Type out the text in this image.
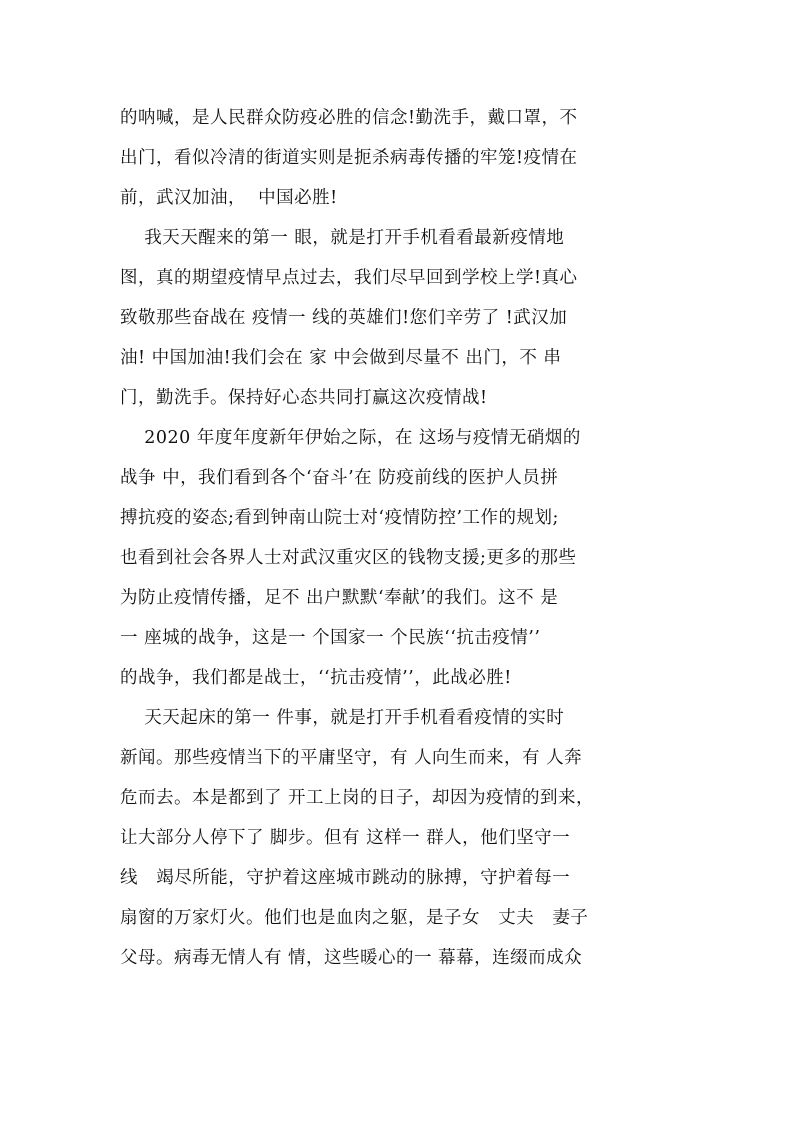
的呐喊，是人民群众防疫必胜的信念!勤洗手，戴口罩，不
出门，看似冷清的街道实则是扼杀病毒传播的牢笼!疫情在
前，武汉加油，  中国必胜!
我天天醒来的第一 眼，就是打开手机看看最新疫情地
图，真的期望疫情早点过去，我们尽早回到学校上学!真心
致敬那些奋战在 疫情一 线的英雄们!您们辛劳了 !武汉加
油! 中国加油!我们会在 家 中会做到尽量不 出门，不 串
门，勤洗手。保持好心态共同打赢这次疫情战!
2020 年度年度新年伊始之际，在 这场与疫情无硝烟的
战争 中，我们看到各个‘奋斗’在 防疫前线的医护人员拼
搏抗疫的姿态;看到钟南山院士对‘疫情防控’工作的规划;
也看到社会各界人士对武汉重灾区的钱物支援;更多的那些
为防止疫情传播，足不 出户默默‘奉献’的我们。这不 是
一 座城的战争，这是一 个国家一 个民族‘‘抗击疫情’’
的战争，我们都是战士，‘‘抗击疫情’’，此战必胜!
天天起床的第一 件事，就是打开手机看看疫情的实时
新闻。那些疫情当下的平庸坚守，有 人向生而来，有 人奔
危而去。本是都到了 开工上岗的日子，却因为疫情的到来，
让大部分人停下了 脚步。但有 这样一 群人，他们坚守一
线   竭尽所能，守护着这座城市跳动的脉搏，守护着每一
扇窗的万家灯火。他们也是血肉之躯，是子女   丈夫   妻子
父母。病毒无情人有 情，这些暖心的一 幕幕，连缀而成众
